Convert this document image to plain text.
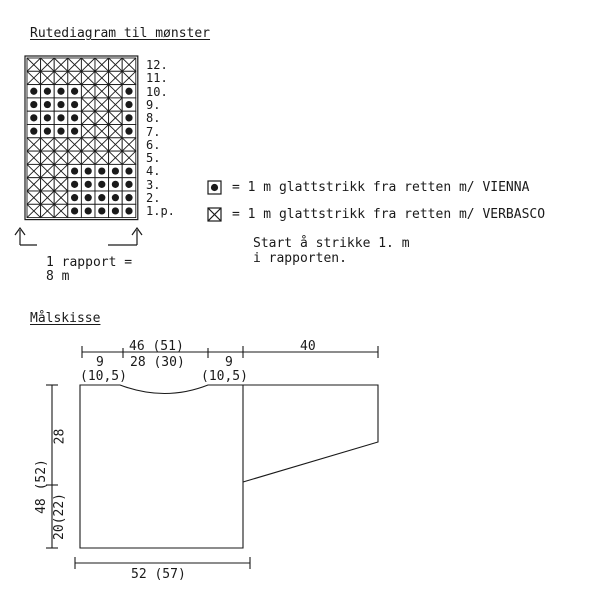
Rutediagram til mønster
12.
11.
10.
9.
8.
7.
6.
5.
4.
3.
2.
1.p.
1 rapport =
8 m
= 1 m glattstrikk fra retten m/ VIENNA
= 1 m glattstrikk fra retten m/ VERBASCO
Start å strikke 1. m
i rapporten.
Målskisse
46 (51)	40
9
(10,5)
28 (30)	9
(10,5)
48 (52)
28
20(22)
52 (57)
